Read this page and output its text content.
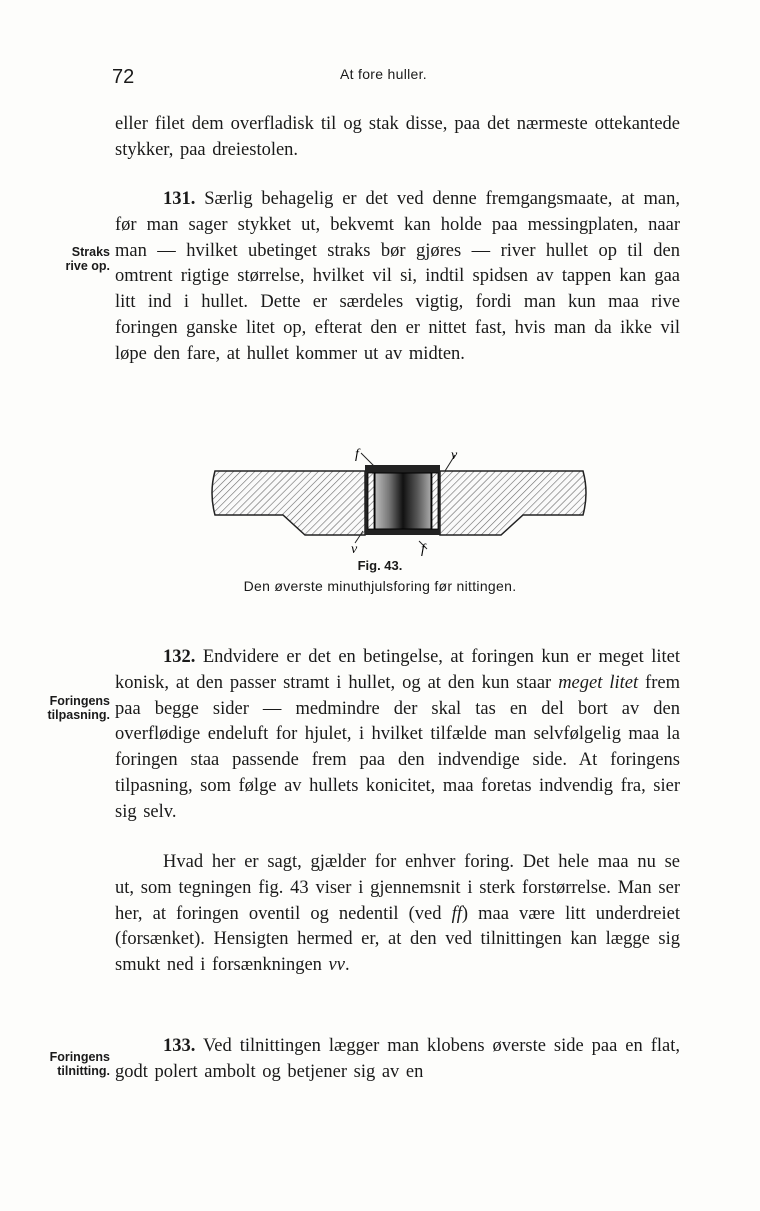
72	At fore huller.
eller filet dem overfladisk til og stak disse, paa det nærmeste ottekantede stykker, paa dreiestolen.
Straks
rive op.
131. Særlig behagelig er det ved denne fremgangsmaate, at man, før man sager stykket ut, bekvemt kan holde paa messingplaten, naar man — hvilket ubetinget straks bør gjøres — river hullet op til den omtrent rigtige størrelse, hvilket vil si, indtil spidsen av tappen kan gaa litt ind i hullet. Dette er særdeles vigtig, fordi man kun maa rive foringen ganske litet op, efterat den er nittet fast, hvis man da ikke vil løpe den fare, at hullet kommer ut av midten.
f	v
v	f
Fig. 43.
Den øverste minuthjulsforing før nittingen.
Foringens
tilpasning.
132. Endvidere er det en betingelse, at foringen kun er meget litet konisk, at den passer stramt i hullet, og at den kun staar meget litet frem paa begge sider — medmindre der skal tas en del bort av den overflødige endeluft for hjulet, i hvilket tilfælde man selvfølgelig maa la foringen staa passende frem paa den indvendige side. At foringens tilpasning, som følge av hullets konicitet, maa foretas indvendig fra, sier sig selv.
Hvad her er sagt, gjælder for enhver foring. Det hele maa nu se ut, som tegningen fig. 43 viser i gjennemsnit i sterk forstørrelse. Man ser her, at foringen oventil og nedentil (ved ff) maa være litt underdreiet (forsænket). Hensigten hermed er, at den ved tilnittingen kan lægge sig smukt ned i forsænkningen vv.
Foringens
tilnitting.
133. Ved tilnittingen lægger man klobens øverste side paa en flat, godt polert ambolt og betjener sig av en
